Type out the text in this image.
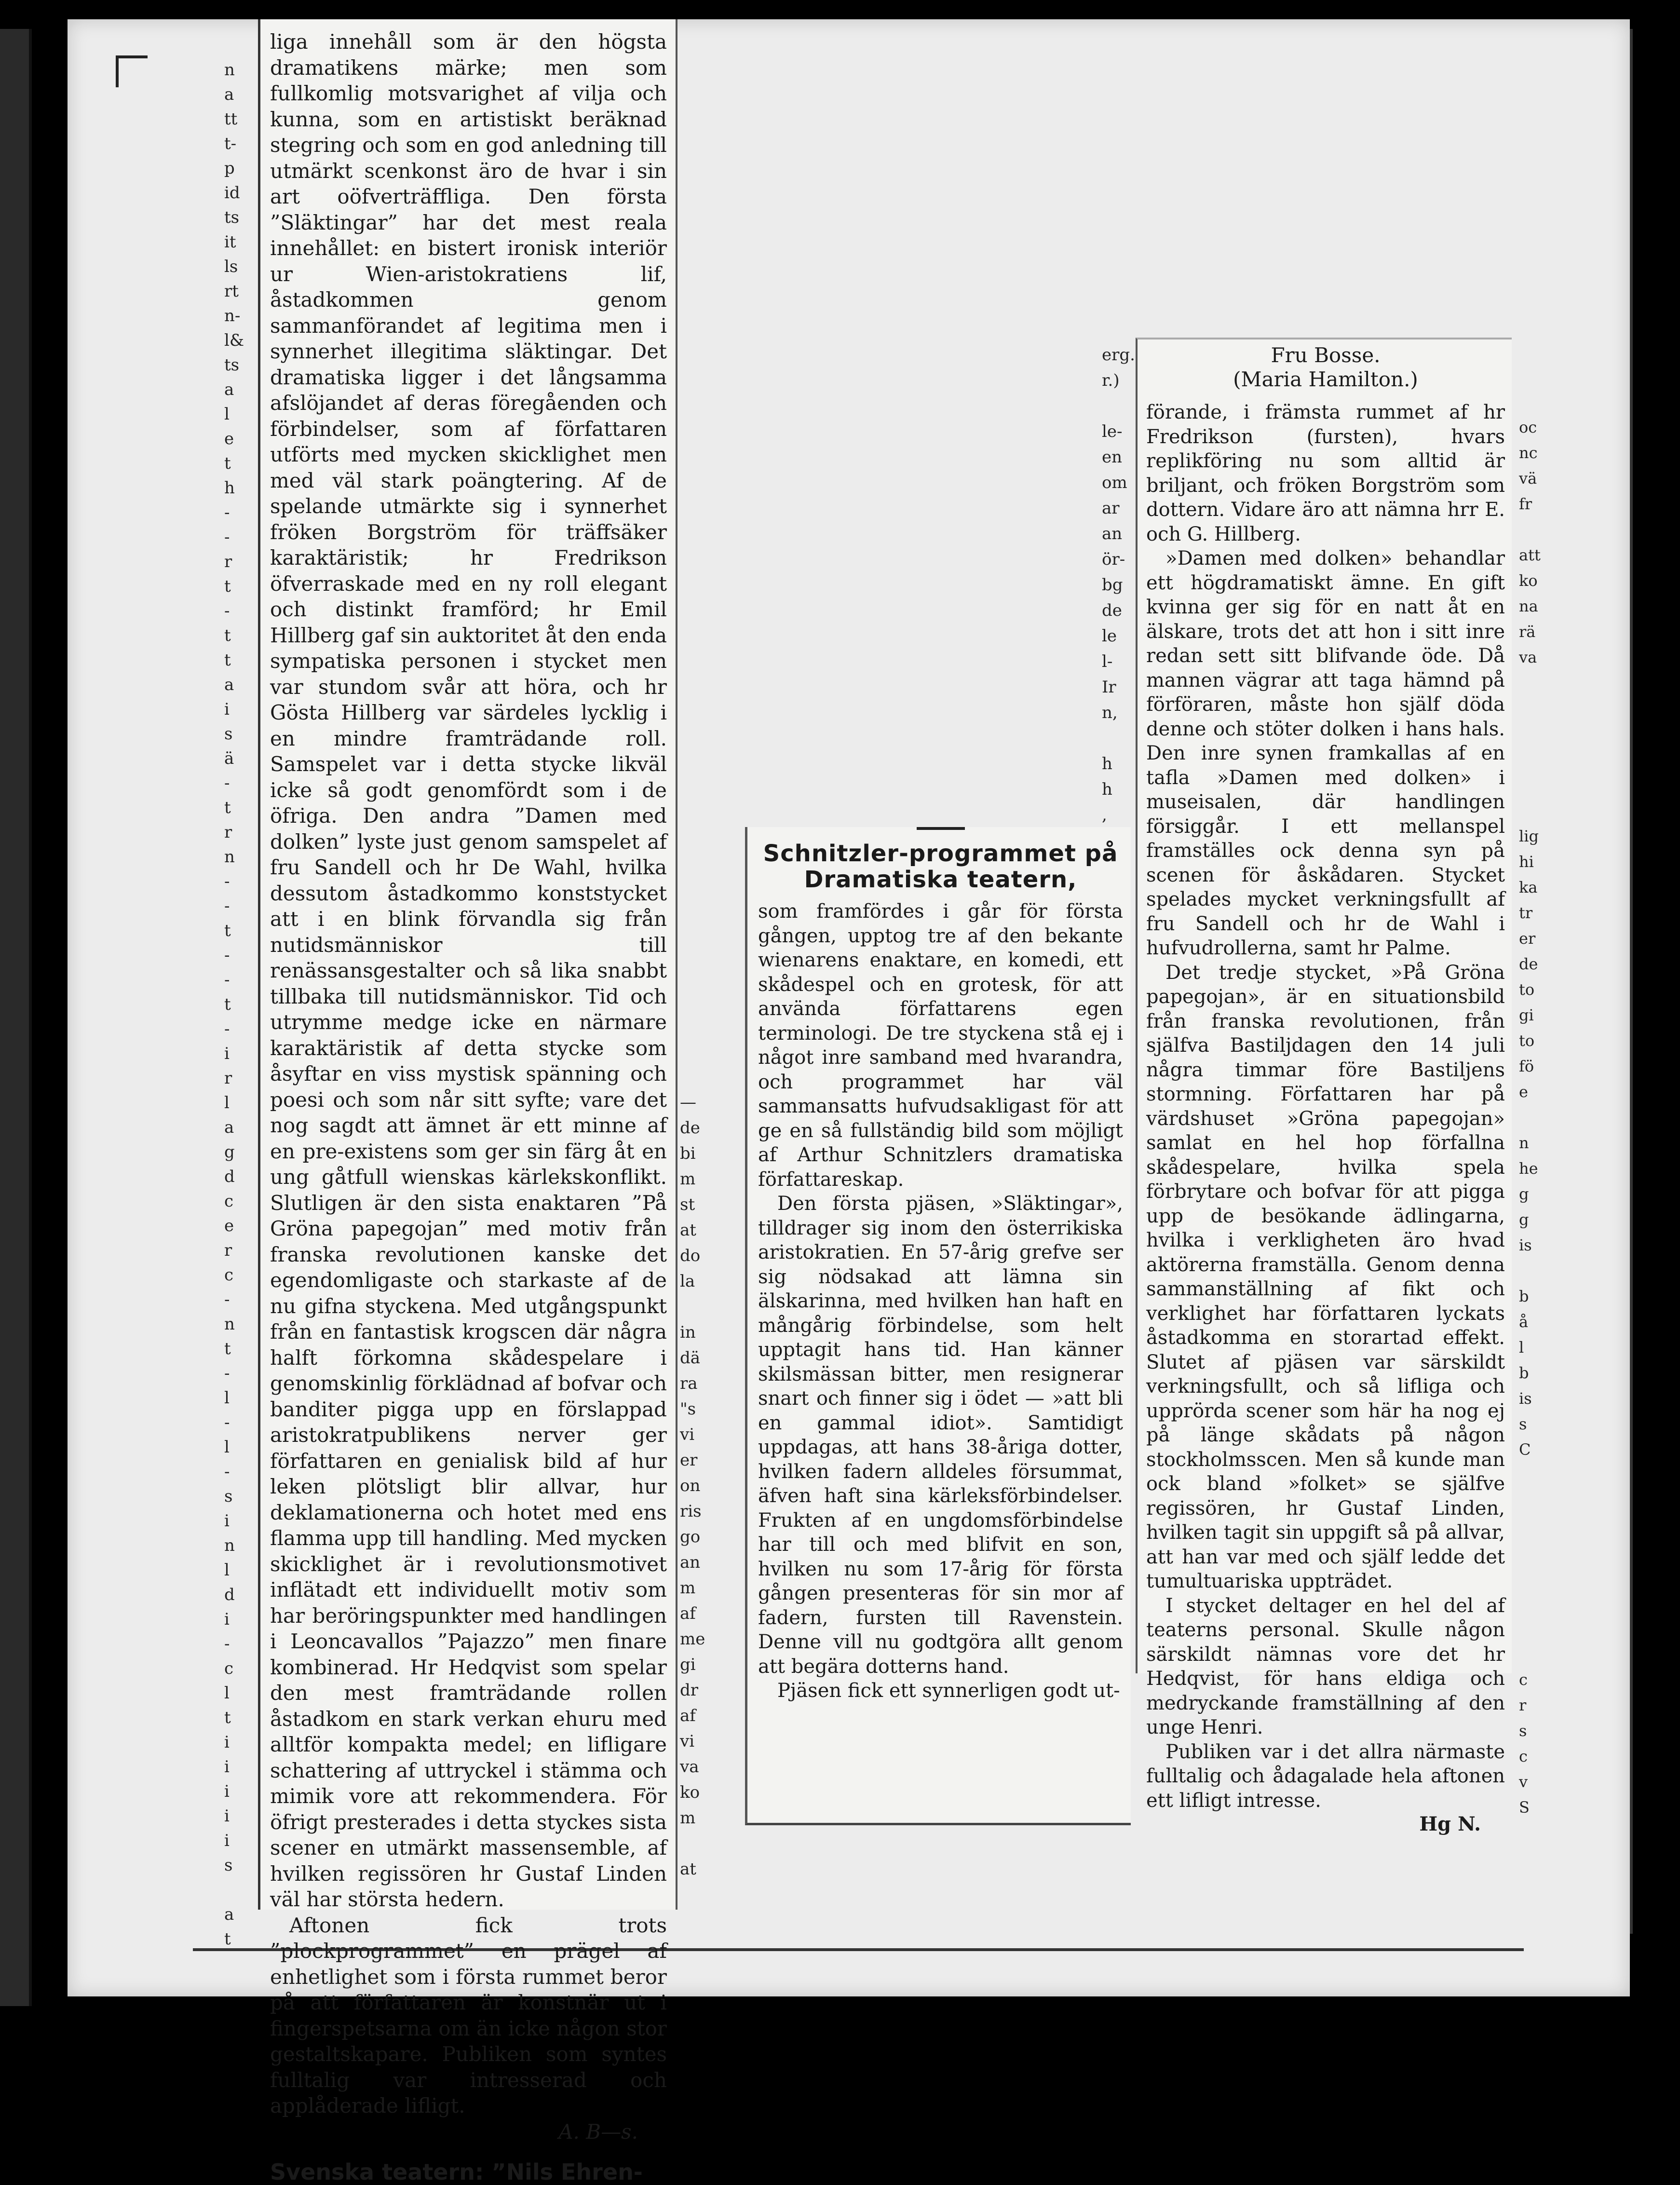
n
a
tt
t-
p
id
ts
it
ls
rt
n-
l&
ts
a
l
e
t
h
-
-
r
t
-
t
t
a
i
s
ä
-
t
r
n
-
-
t
-
-
t
-
i
r
l
a
g
d
c
e
r
c
-
n
t
-
l
-
l
-
s
i
n
l
d
i
-
c
l
t
i
i
i
i
i
s

a
t

liga innehåll som är den högsta dramatikens märke; men som fullkomlig motsvarighet af vilja och kunna, som en artistiskt beräknad stegring och som en god anledning till utmärkt scenkonst äro de hvar i sin art oöfverträffliga. Den första ”Släktingar” har det mest reala innehållet: en bistert ironisk interiör ur Wien-aristokratiens lif, åstadkommen genom sammanförandet af legitima men i synnerhet illegitima släktingar. Det dramatiska ligger i det långsamma afslöjandet af deras föregåenden och förbindelser, som af författaren utförts med mycken skicklighet men med väl stark poängtering. Af de spelande utmärkte sig i synnerhet fröken Borgström för träffsäker karaktäristik; hr Fredrikson öfverraskade med en ny roll elegant och distinkt framförd; hr Emil Hillberg gaf sin auktoritet åt den enda sympatiska personen i stycket men var stundom svår att höra, och hr Gösta Hillberg var särdeles lycklig i en mindre framträdande roll. Samspelet var i detta stycke likväl icke så godt genomfördt som i de öfriga. Den andra ”Damen med dolken” lyste just genom samspelet af fru Sandell och hr De Wahl, hvilka dessutom åstadkommo konststycket att i en blink förvandla sig från nutidsmänniskor till renässansgestalter och så lika snabbt tillbaka till nutidsmänniskor. Tid och utrymme medge icke en närmare karaktäristik af detta stycke som åsyftar en viss mystisk spänning och poesi och som når sitt syfte; vare det nog sagdt att ämnet är ett minne af en pre-existens som ger sin färg åt en ung gåtfull wienskas kärlekskonflikt. Slutligen är den sista enaktaren ”På Gröna papegojan” med motiv från franska revolutionen kanske det egendomligaste och starkaste af de nu gifna styckena. Med utgångspunkt från en fantastisk krogscen där några halft förkomna skådespelare i genomskinlig förklädnad af bofvar och banditer pigga upp en förslappad aristokratpublikens nerver ger författaren en genialisk bild af hur leken plötsligt blir allvar, hur deklamationerna och hotet med ens flamma upp till handling. Med mycken skicklighet är i revolutionsmotivet inflätadt ett individuellt motiv som har beröringspunkter med handlingen i Leoncavallos ”Pajazzo” men finare kombinerad. Hr Hedqvist som spelar den mest framträdande rollen åstadkom en stark verkan ehuru med alltför kompakta medel; en lifligare schattering af uttryckel i stämma och mimik vore att rekommendera. För öfrigt presterades i detta styckes sista scener en utmärkt massensemble, af hvilken regissören hr Gustaf Linden väl har största hedern.

Aftonen fick trots ”plockprogrammet” en prägel af enhetlighet som i första rummet beror på att författaren är konstnär ut i fingerspetsarna om än icke någon stor gestaltskapare. Publiken som syntes fulltalig var intresserad och applåderade lifligt.

A. B—s.
Svenska teatern: ”Nils Ehren-
—
de
bi
m
st
at
do
la

in
dä
ra
"s
vi
er
on
ris
go
an
m
af
me
gi
dr
af
vi
va
ko
m

at
Schnitzler-programmet på
Dramatiska teatern,

som framfördes i går för första gången, upptog tre af den bekante wienarens enaktare, en komedi, ett skådespel och en grotesk, för att använda författarens egen terminologi. De tre styckena stå ej i något inre samband med hvarandra, och programmet har väl sammansatts hufvudsakligast för att ge en så fullständig bild som möjligt af Arthur Schnitzlers dramatiska författareskap.

Den första pjäsen, »Släktingar», tilldrager sig inom den österrikiska aristokratien. En 57-årig grefve ser sig nödsakad att lämna sin älskarinna, med hvilken han haft en mångårig förbindelse, som helt upptagit hans tid. Han känner skilsmässan bitter, men resignerar snart och finner sig i ödet — »att bli en gammal idiot». Samtidigt uppdagas, att hans 38-åriga dotter, hvilken fadern alldeles försummat, äfven haft sina kärleksförbindelser. Frukten af en ungdomsförbindelse har till och med blifvit en son, hvilken nu som 17-årig för första gången presenteras för sin mor af fadern, fursten till Ravenstein. Denne vill nu godtgöra allt genom att begära dotterns hand.

Pjäsen fick ett synnerligen godt ut-

erg.
r.)

le-
en
om
ar
an
ör-
bg
de
le
l-
Ir
n,

h
h
,
Fru Bosse.
(Maria Hamilton.)

förande, i främsta rummet af hr Fredrikson (fursten), hvars replikföring nu som alltid är briljant, och fröken Borgström som dottern. Vidare äro att nämna hrr E. och G. Hillberg.

»Damen med dolken» behandlar ett högdramatiskt ämne. En gift kvinna ger sig för en natt åt en älskare, trots det att hon i sitt inre redan sett sitt blifvande öde. Då mannen vägrar att taga hämnd på förföraren, måste hon själf döda denne och stöter dolken i hans hals. Den inre synen framkallas af en tafla »Damen med dolken» i museisalen, där handlingen försiggår. I ett mellanspel framställes ock denna syn på scenen för åskådaren. Stycket spelades mycket verkningsfullt af fru Sandell och hr de Wahl i hufvudrollerna, samt hr Palme.

Det tredje stycket, »På Gröna papegojan», är en situationsbild från franska revolutionen, från själfva Bastiljdagen den 14 juli några timmar före Bastiljens stormning. Författaren har på värdshuset »Gröna papegojan» samlat en hel hop förfallna skådespelare, hvilka spela förbrytare och bofvar för att pigga upp de besökande ädlingarna, hvilka i verkligheten äro hvad aktörerna framställa. Genom denna sammanställning af fikt och verklighet har författaren lyckats åstadkomma en storartad effekt. Slutet af pjäsen var särskildt verkningsfullt, och så lifliga och upprörda scener som här ha nog ej på länge skådats på någon stockholmsscen. Men så kunde man ock bland »folket» se själfve regissören, hr Gustaf Linden, hvilken tagit sin uppgift så på allvar, att han var med och själf ledde det tumultuariska uppträdet.

I stycket deltager en hel del af teaterns personal. Skulle någon särskildt nämnas vore det hr Hedqvist, för hans eldiga och medryckande framställning af den unge Henri.

Publiken var i det allra närmaste fulltalig och ådagalade hela aftonen ett lifligt intresse.

Hg N.
oc
nc
vä
fr

att
ko
na
rä
va

lig
hi
ka
tr
er
de
to
gi
to
fö
e

n
he
g
g
is

b
å
l
b
is
s
C

c
r
s
c
v
S
